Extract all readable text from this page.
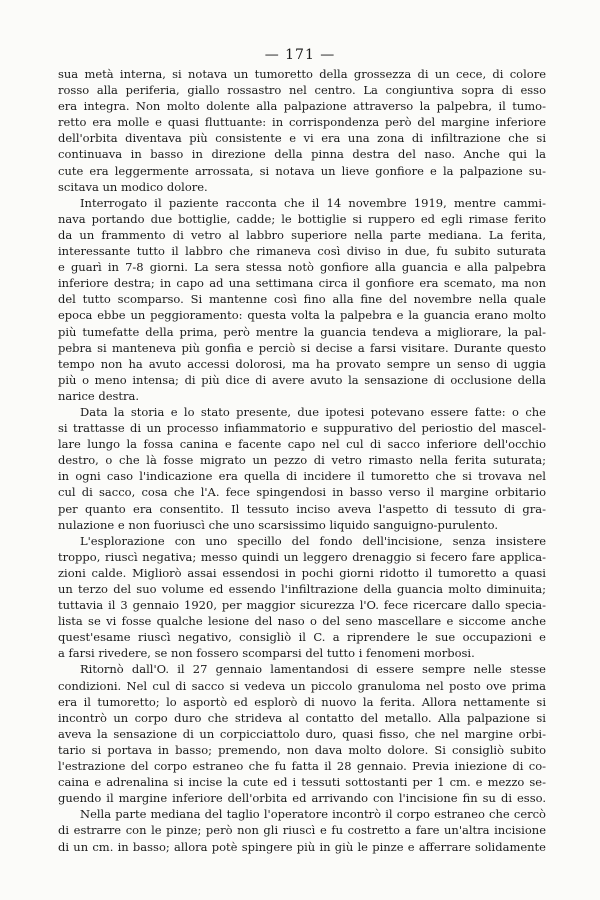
— 171 —
sua metà interna, si notava un tumoretto della grossezza di un cece, di colore
rosso alla periferia, giallo rossastro nel centro. La congiuntiva sopra di esso
era integra. Non molto dolente alla palpazione attraverso la palpebra, il tumo-
retto era molle e quasi fluttuante: in corrispondenza però del margine inferiore
dell'orbita diventava più consistente e vi era una zona di infiltrazione che si
continuava in basso in direzione della pinna destra del naso. Anche qui la
cute era leggermente arrossata, si notava un lieve gonfiore e la palpazione su-
scitava un modico dolore.
Interrogato il paziente racconta che il 14 novembre 1919, mentre cammi-
nava portando due bottiglie, cadde; le bottiglie si ruppero ed egli rimase ferito
da un frammento di vetro al labbro superiore nella parte mediana. La ferita,
interessante tutto il labbro che rimaneva così diviso in due, fu subito suturata
e guarì in 7-8 giorni. La sera stessa notò gonfiore alla guancia e alla palpebra
inferiore destra; in capo ad una settimana circa il gonfiore era scemato, ma non
del tutto scomparso. Si mantenne così fino alla fine del novembre nella quale
epoca ebbe un peggioramento: questa volta la palpebra e la guancia erano molto
più tumefatte della prima, però mentre la guancia tendeva a migliorare, la pal-
pebra si manteneva più gonfia e perciò si decise a farsi visitare. Durante questo
tempo non ha avuto accessi dolorosi, ma ha provato sempre un senso di uggia
più o meno intensa; di più dice di avere avuto la sensazione di occlusione della
narice destra.
Data la storia e lo stato presente, due ipotesi potevano essere fatte: o che
si trattasse di un processo infiammatorio e suppurativo del periostio del mascel-
lare lungo la fossa canina e facente capo nel cul di sacco inferiore dell'occhio
destro, o che là fosse migrato un pezzo di vetro rimasto nella ferita suturata;
in ogni caso l'indicazione era quella di incidere il tumoretto che si trovava nel
cul di sacco, cosa che l'A. fece spingendosi in basso verso il margine orbitario
per quanto era consentito. Il tessuto inciso aveva l'aspetto di tessuto di gra-
nulazione e non fuoriuscì che uno scarsissimo liquido sanguigno-purulento.
L'esplorazione con uno specillo del fondo dell'incisione, senza insistere
troppo, riuscì negativa; messo quindi un leggero drenaggio si fecero fare applica-
zioni calde. Migliorò assai essendosi in pochi giorni ridotto il tumoretto a quasi
un terzo del suo volume ed essendo l'infiltrazione della guancia molto diminuita;
tuttavia il 3 gennaio 1920, per maggior sicurezza l'O. fece ricercare dallo specia-
lista se vi fosse qualche lesione del naso o del seno mascellare e siccome anche
quest'esame riuscì negativo, consigliò il C. a riprendere le sue occupazioni e
a farsi rivedere, se non fossero scomparsi del tutto i fenomeni morbosi.
Ritornò dall'O. il 27 gennaio lamentandosi di essere sempre nelle stesse
condizioni. Nel cul di sacco si vedeva un piccolo granuloma nel posto ove prima
era il tumoretto; lo asportò ed esplorò di nuovo la ferita. Allora nettamente si
incontrò un corpo duro che strideva al contatto del metallo. Alla palpazione si
aveva la sensazione di un corpicciattolo duro, quasi fisso, che nel margine orbi-
tario si portava in basso; premendo, non dava molto dolore. Si consigliò subito
l'estrazione del corpo estraneo che fu fatta il 28 gennaio. Previa iniezione di co-
caina e adrenalina si incise la cute ed i tessuti sottostanti per 1 cm. e mezzo se-
guendo il margine inferiore dell'orbita ed arrivando con l'incisione fin su di esso.
Nella parte mediana del taglio l'operatore incontrò il corpo estraneo che cercò
di estrarre con le pinze; però non gli riuscì e fu costretto a fare un'altra incisione
di un cm. in basso; allora potè spingere più in giù le pinze e afferrare solidamente
